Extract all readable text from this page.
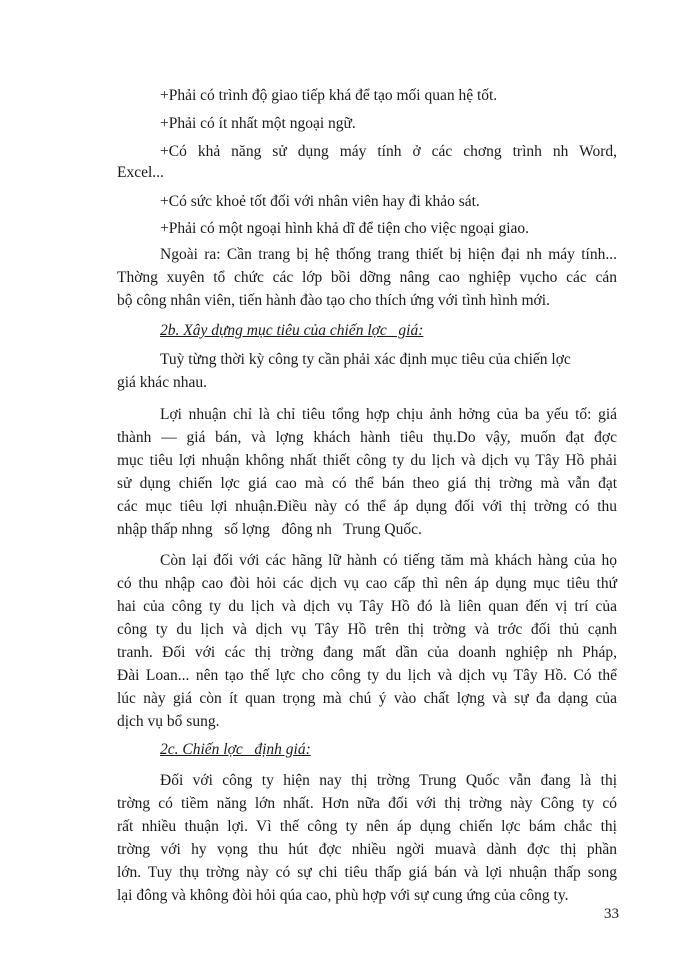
+Phải có trình độ giao tiếp khá để tạo mối quan hệ tốt.

+Phải có ít nhất một ngoại ngữ.

+Có khả năng sử dụng máy tính ở các chơng trình nh Word,

Excel...

+Có sức khoẻ tốt đối với nhân viên hay đi khảo sát.

+Phải có một ngoại hình khả dĩ để tiện cho việc ngoại giao.

Ngoài ra: Cần trang bị hệ thống trang thiết bị hiện đại nh máy tính...

Thờng xuyên tổ chức các lớp bồi dỡng nâng cao nghiệp vụcho các cán

bộ công nhân viên, tiến hành đào tạo cho thích ứng với tình hình mới.

2b. Xây dựng mục tiêu của chiến lợc   giá:

Tuỳ từng thời kỳ công ty cần phải xác định mục tiêu của chiến lợc

giá khác nhau.

Lợi nhuận chỉ là chỉ tiêu tổng hợp chịu ảnh hởng của ba yếu tố: giá

thành — giá bán, và lợng khách hành tiêu thụ.Do vậy, muốn đạt đợc

mục tiêu lợi nhuận không nhất thiết công ty du lịch và dịch vụ Tây Hồ phải

sử dụng chiến lợc giá cao mà có thể bán theo giá thị trờng mà vẫn đạt

các mục tiêu lợi nhuận.Điều này có thể áp dụng đối với thị trờng có thu

nhập thấp nhng   số lợng   đông nh   Trung Quốc.

Còn lại đối với các hãng lữ hành có tiếng tăm mà khách hàng của họ

có thu nhập cao đòi hỏi các dịch vụ cao cấp thì nên áp dụng mục tiêu thứ

hai của công ty du lịch và dịch vụ Tây Hồ đó là liên quan đến vị trí của

công ty du lịch và dịch vụ Tây Hồ trên thị trờng và trớc đối thủ cạnh

tranh. Đối với các thị trờng đang mất dần của doanh nghiệp nh Pháp,

Đài Loan... nên tạo thế lực cho công ty du lịch và dịch vụ Tây Hồ. Có thể

lúc này giá còn ít quan trọng mà chú ý vào chất lợng và sự đa dạng của

dịch vụ bổ sung.

2c. Chiến lợc   định giá:

Đối với công ty hiện nay thị trờng Trung Quốc vẫn đang là thị

trờng có tiềm năng lớn nhất. Hơn nữa đối với thị trờng này Công ty có

rất nhiều thuận lợi. Vì thế công ty nên áp dụng chiến lợc bám chắc thị

trờng với hy vọng thu hút đợc nhiều ngời muavà dành đợc thị phần

lớn. Tuy thụ trờng này có sự chi tiêu thấp giá bán và lợi nhuận thấp song

lại đông và không đòi hỏi qúa cao, phù hợp với sự cung ứng của công ty.

33
